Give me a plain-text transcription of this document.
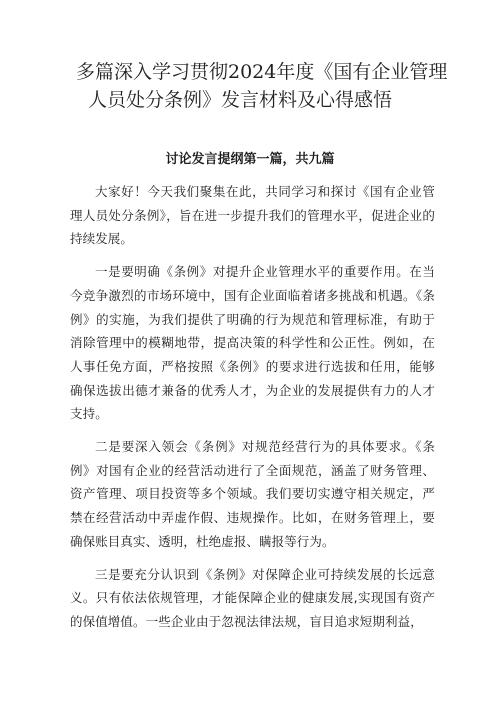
多篇深入学习贯彻2024年度《国有企业管理
人员处分条例》发言材料及心得感悟
讨论发言提纲第一篇，共九篇

大家好！今天我们聚集在此，共同学习和探讨《国有企业管理人员处分条例》，旨在进一步提升我们的管理水平，促进企业的持续发展。

一是要明确《条例》对提升企业管理水平的重要作用。在当今竞争激烈的市场环境中，国有企业面临着诸多挑战和机遇。《条例》的实施，为我们提供了明确的行为规范和管理标准，有助于消除管理中的模糊地带，提高决策的科学性和公正性。例如，在人事任免方面，严格按照《条例》的要求进行选拔和任用，能够确保选拔出德才兼备的优秀人才，为企业的发展提供有力的人才支持。

二是要深入领会《条例》对规范经营行为的具体要求。《条例》对国有企业的经营活动进行了全面规范，涵盖了财务管理、资产管理、项目投资等多个领域。我们要切实遵守相关规定，严禁在经营活动中弄虚作假、违规操作。比如，在财务管理上，要确保账目真实、透明，杜绝虚报、瞒报等行为。

三是要充分认识到《条例》对保障企业可持续发展的长远意义。只有依法依规管理，才能保障企业的健康发展,实现国有资产的保值增值。一些企业由于忽视法律法规，盲目追求短期利益，
